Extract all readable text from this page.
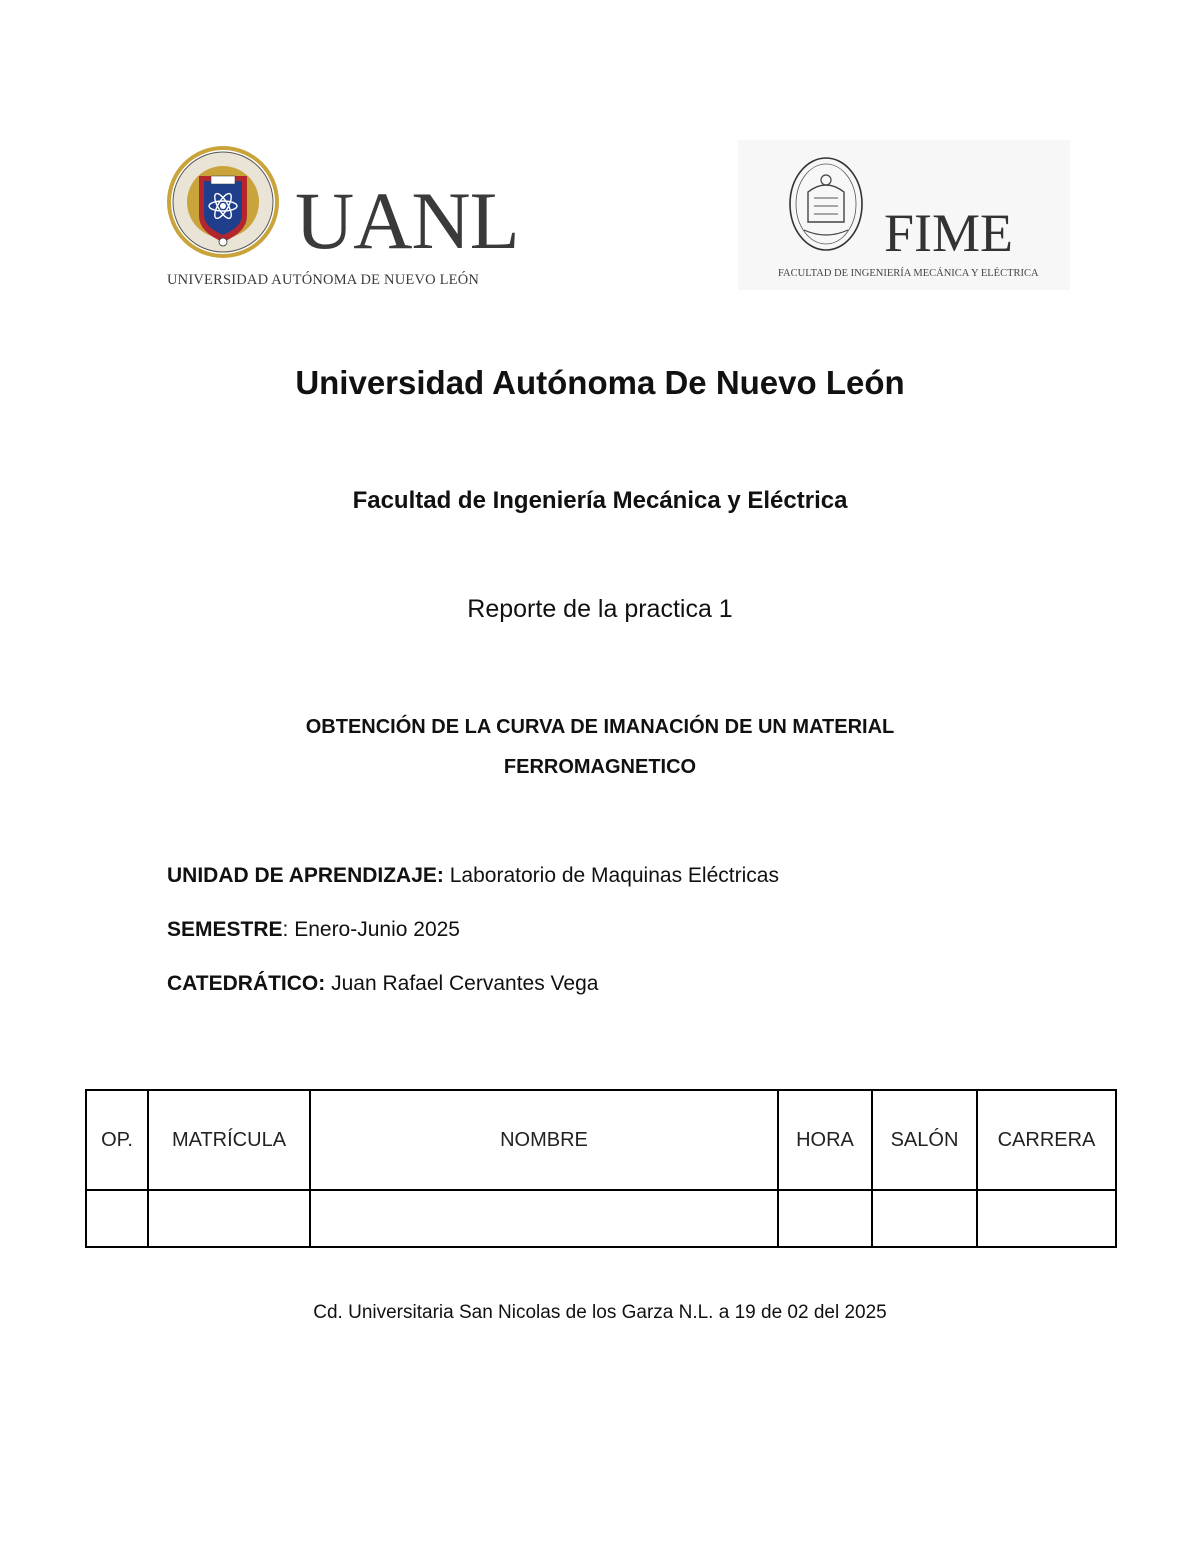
UANL
UNIVERSIDAD AUTÓNOMA DE NUEVO LEÓN
FIME
FACULTAD DE INGENIERÍA MECÁNICA Y ELÉCTRICA
Universidad Autónoma De Nuevo León
Facultad de Ingeniería Mecánica y Eléctrica
Reporte de la practica 1
OBTENCIÓN DE LA CURVA DE IMANACIÓN DE UN MATERIAL
FERROMAGNETICO
UNIDAD DE APRENDIZAJE: Laboratorio de Maquinas Eléctricas
SEMESTRE: Enero-Junio 2025
CATEDRÁTICO: Juan Rafael Cervantes Vega
OP.	MATRÍCULA	NOMBRE	HORA	SALÓN	CARRERA

Cd. Universitaria San Nicolas de los Garza N.L. a 19 de 02 del 2025
